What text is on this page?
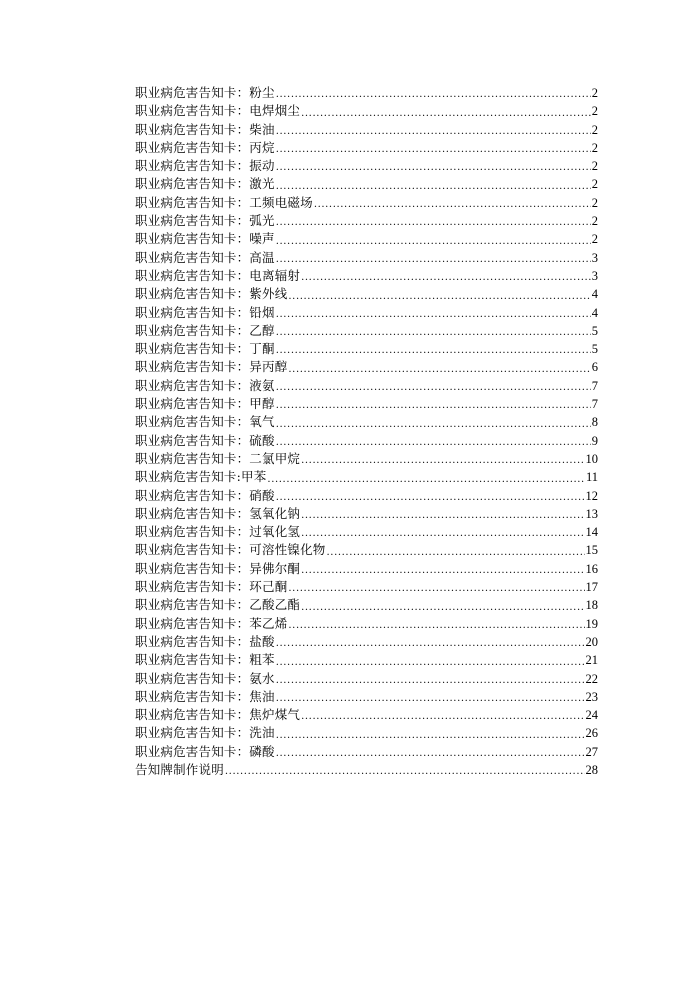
职业病危害告知卡：粉尘 .....	2
职业病危害告知卡：电焊烟尘 .....	2
职业病危害告知卡：柴油 .....	2
职业病危害告知卡：丙烷 .....	2
职业病危害告知卡：振动 .....	2
职业病危害告知卡：激光 .....	2
职业病危害告知卡：工频电磁场 .....	2
职业病危害告知卡：弧光 .....	2
职业病危害告知卡：噪声 .....	2
职业病危害告知卡：高温 .....	3
职业病危害告知卡：电离辐射 .....	3
职业病危害告知卡：紫外线 .....	4
职业病危害告知卡：铅烟 .....	4
职业病危害告知卡：乙醇 .....	5
职业病危害告知卡：丁酮 .....	5
职业病危害告知卡：异丙醇 .....	6
职业病危害告知卡：液氨 .....	7
职业病危害告知卡：甲醇 .....	7
职业病危害告知卡：氧气 .....	8
职业病危害告知卡：硫酸 .....	9
职业病危害告知卡：二氯甲烷 .....	10
职业病危害告知卡:甲苯 .....	11
职业病危害告知卡：硝酸 .....	12
职业病危害告知卡：氢氧化钠 .....	13
职业病危害告知卡：过氧化氢 .....	14
职业病危害告知卡：可溶性镍化物 .....	15
职业病危害告知卡：异佛尔酮 .....	16
职业病危害告知卡：环己酮 .....	17
职业病危害告知卡：乙酸乙酯 .....	18
职业病危害告知卡：苯乙烯 .....	19
职业病危害告知卡：盐酸 .....	20
职业病危害告知卡：粗苯 .....	21
职业病危害告知卡：氨水 .....	22
职业病危害告知卡：焦油 .....	23
职业病危害告知卡：焦炉煤气 .....	24
职业病危害告知卡：洗油 .....	26
职业病危害告知卡：磷酸 .....	27
告知牌制作说明 .....	28
